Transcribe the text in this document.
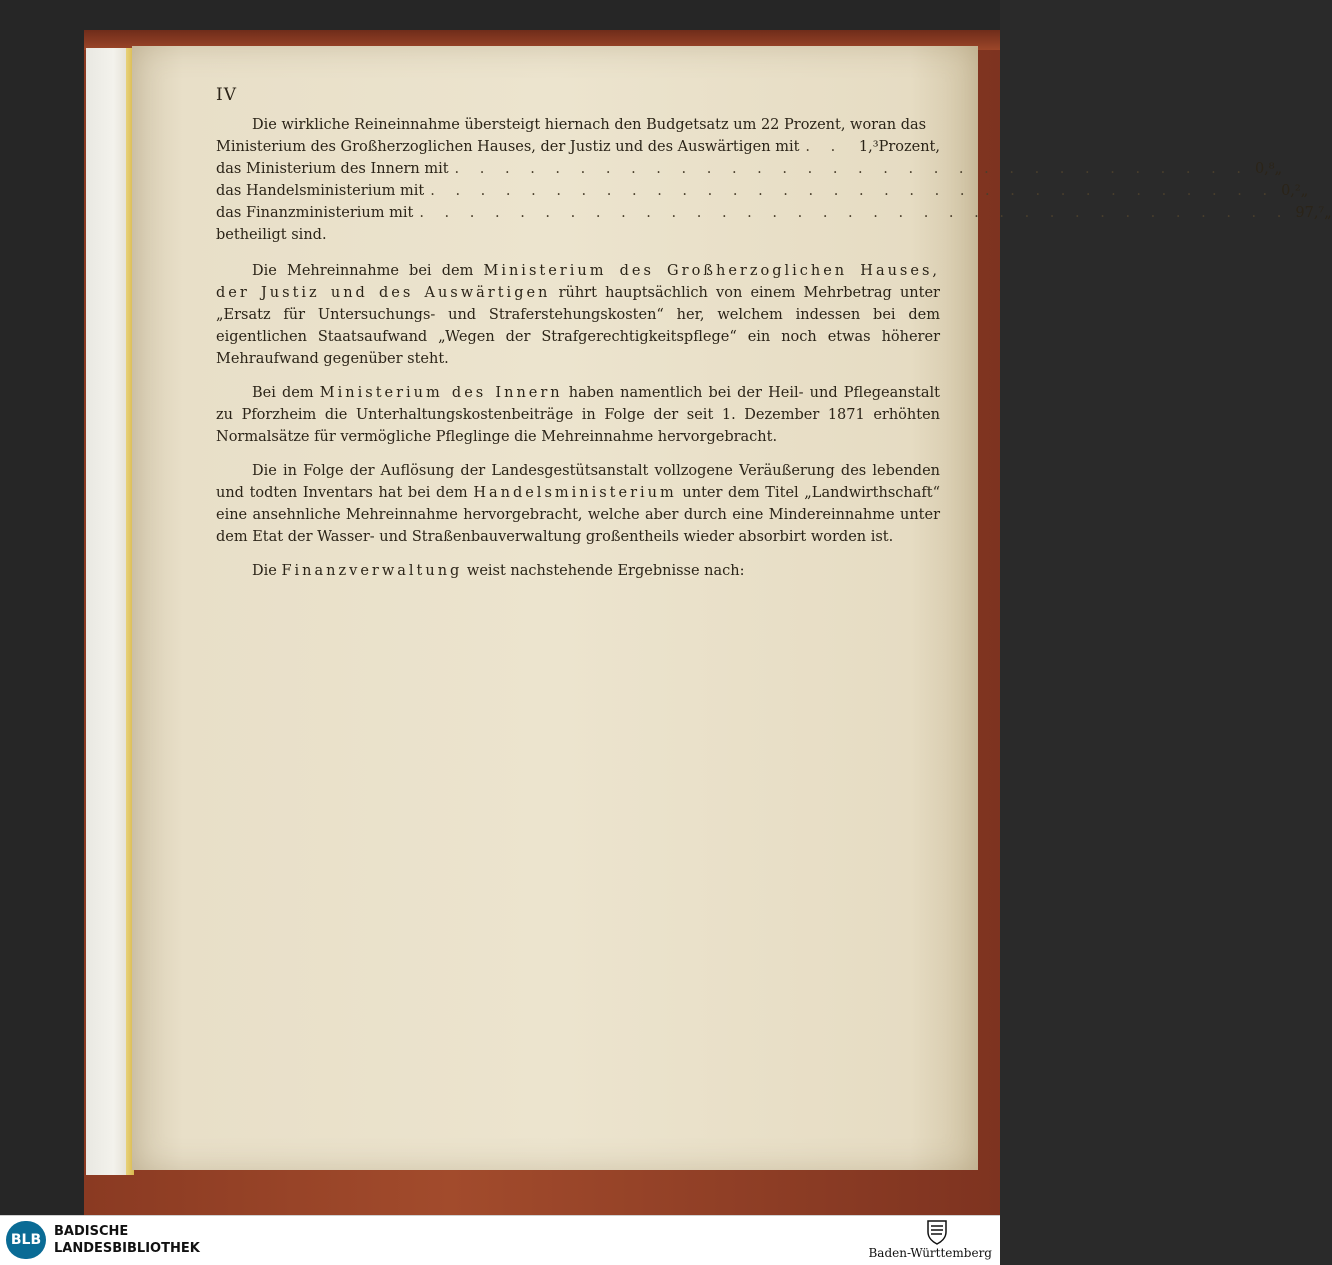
IV
Die wirkliche Reineinnahme übersteigt hiernach den Budgetsatz um 22 Prozent, woran das
Ministerium des Großherzoglichen Hauses, der Justiz und des Auswärtigen mit . .	1,³ Prozent,
das Ministerium des Innern mit . . . . . . . . . . . . . . . . . . . . . . . . . . . . . . . . 0,⁸ „
das Handelsministerium mit . . . . . . . . . . . . . . . . . . . . . . . . . . . . . . . . . . 0,² „
das Finanzministerium mit . . . . . . . . . . . . . . . . . . . . . . . . . . . . . . . . . . . 97,⁷ „
betheiligt sind.

Die Mehreinnahme bei dem Ministerium des Großherzoglichen Hauses, der Justiz und des Auswärtigen rührt hauptsächlich von einem Mehrbetrag unter „Ersatz für Untersuchungs- und Straferstehungskosten“ her, welchem indessen bei dem eigentlichen Staatsaufwand „Wegen der Strafgerechtigkeitspflege“ ein noch etwas höherer Mehraufwand gegenüber steht.

Bei dem Ministerium des Innern haben namentlich bei der Heil- und Pflegeanstalt zu Pforzheim die Unterhaltungskostenbeiträge in Folge der seit 1. Dezember 1871 erhöhten Normalsätze für vermögliche Pfleglinge die Mehreinnahme hervorgebracht.

Die in Folge der Auflösung der Landesgestütsanstalt vollzogene Veräußerung des lebenden und todten Inventars hat bei dem Handelsministerium unter dem Titel „Landwirthschaft“ eine ansehnliche Mehreinnahme hervorgebracht, welche aber durch eine Mindereinnahme unter dem Etat der Wasser- und Straßenbauverwaltung großentheils wieder absorbirt worden ist.

Die Finanzverwaltung weist nachstehende Ergebnisse nach:

BLB
BADISCHE
LANDESBIBLIOTHEK	Baden-Württemberg
